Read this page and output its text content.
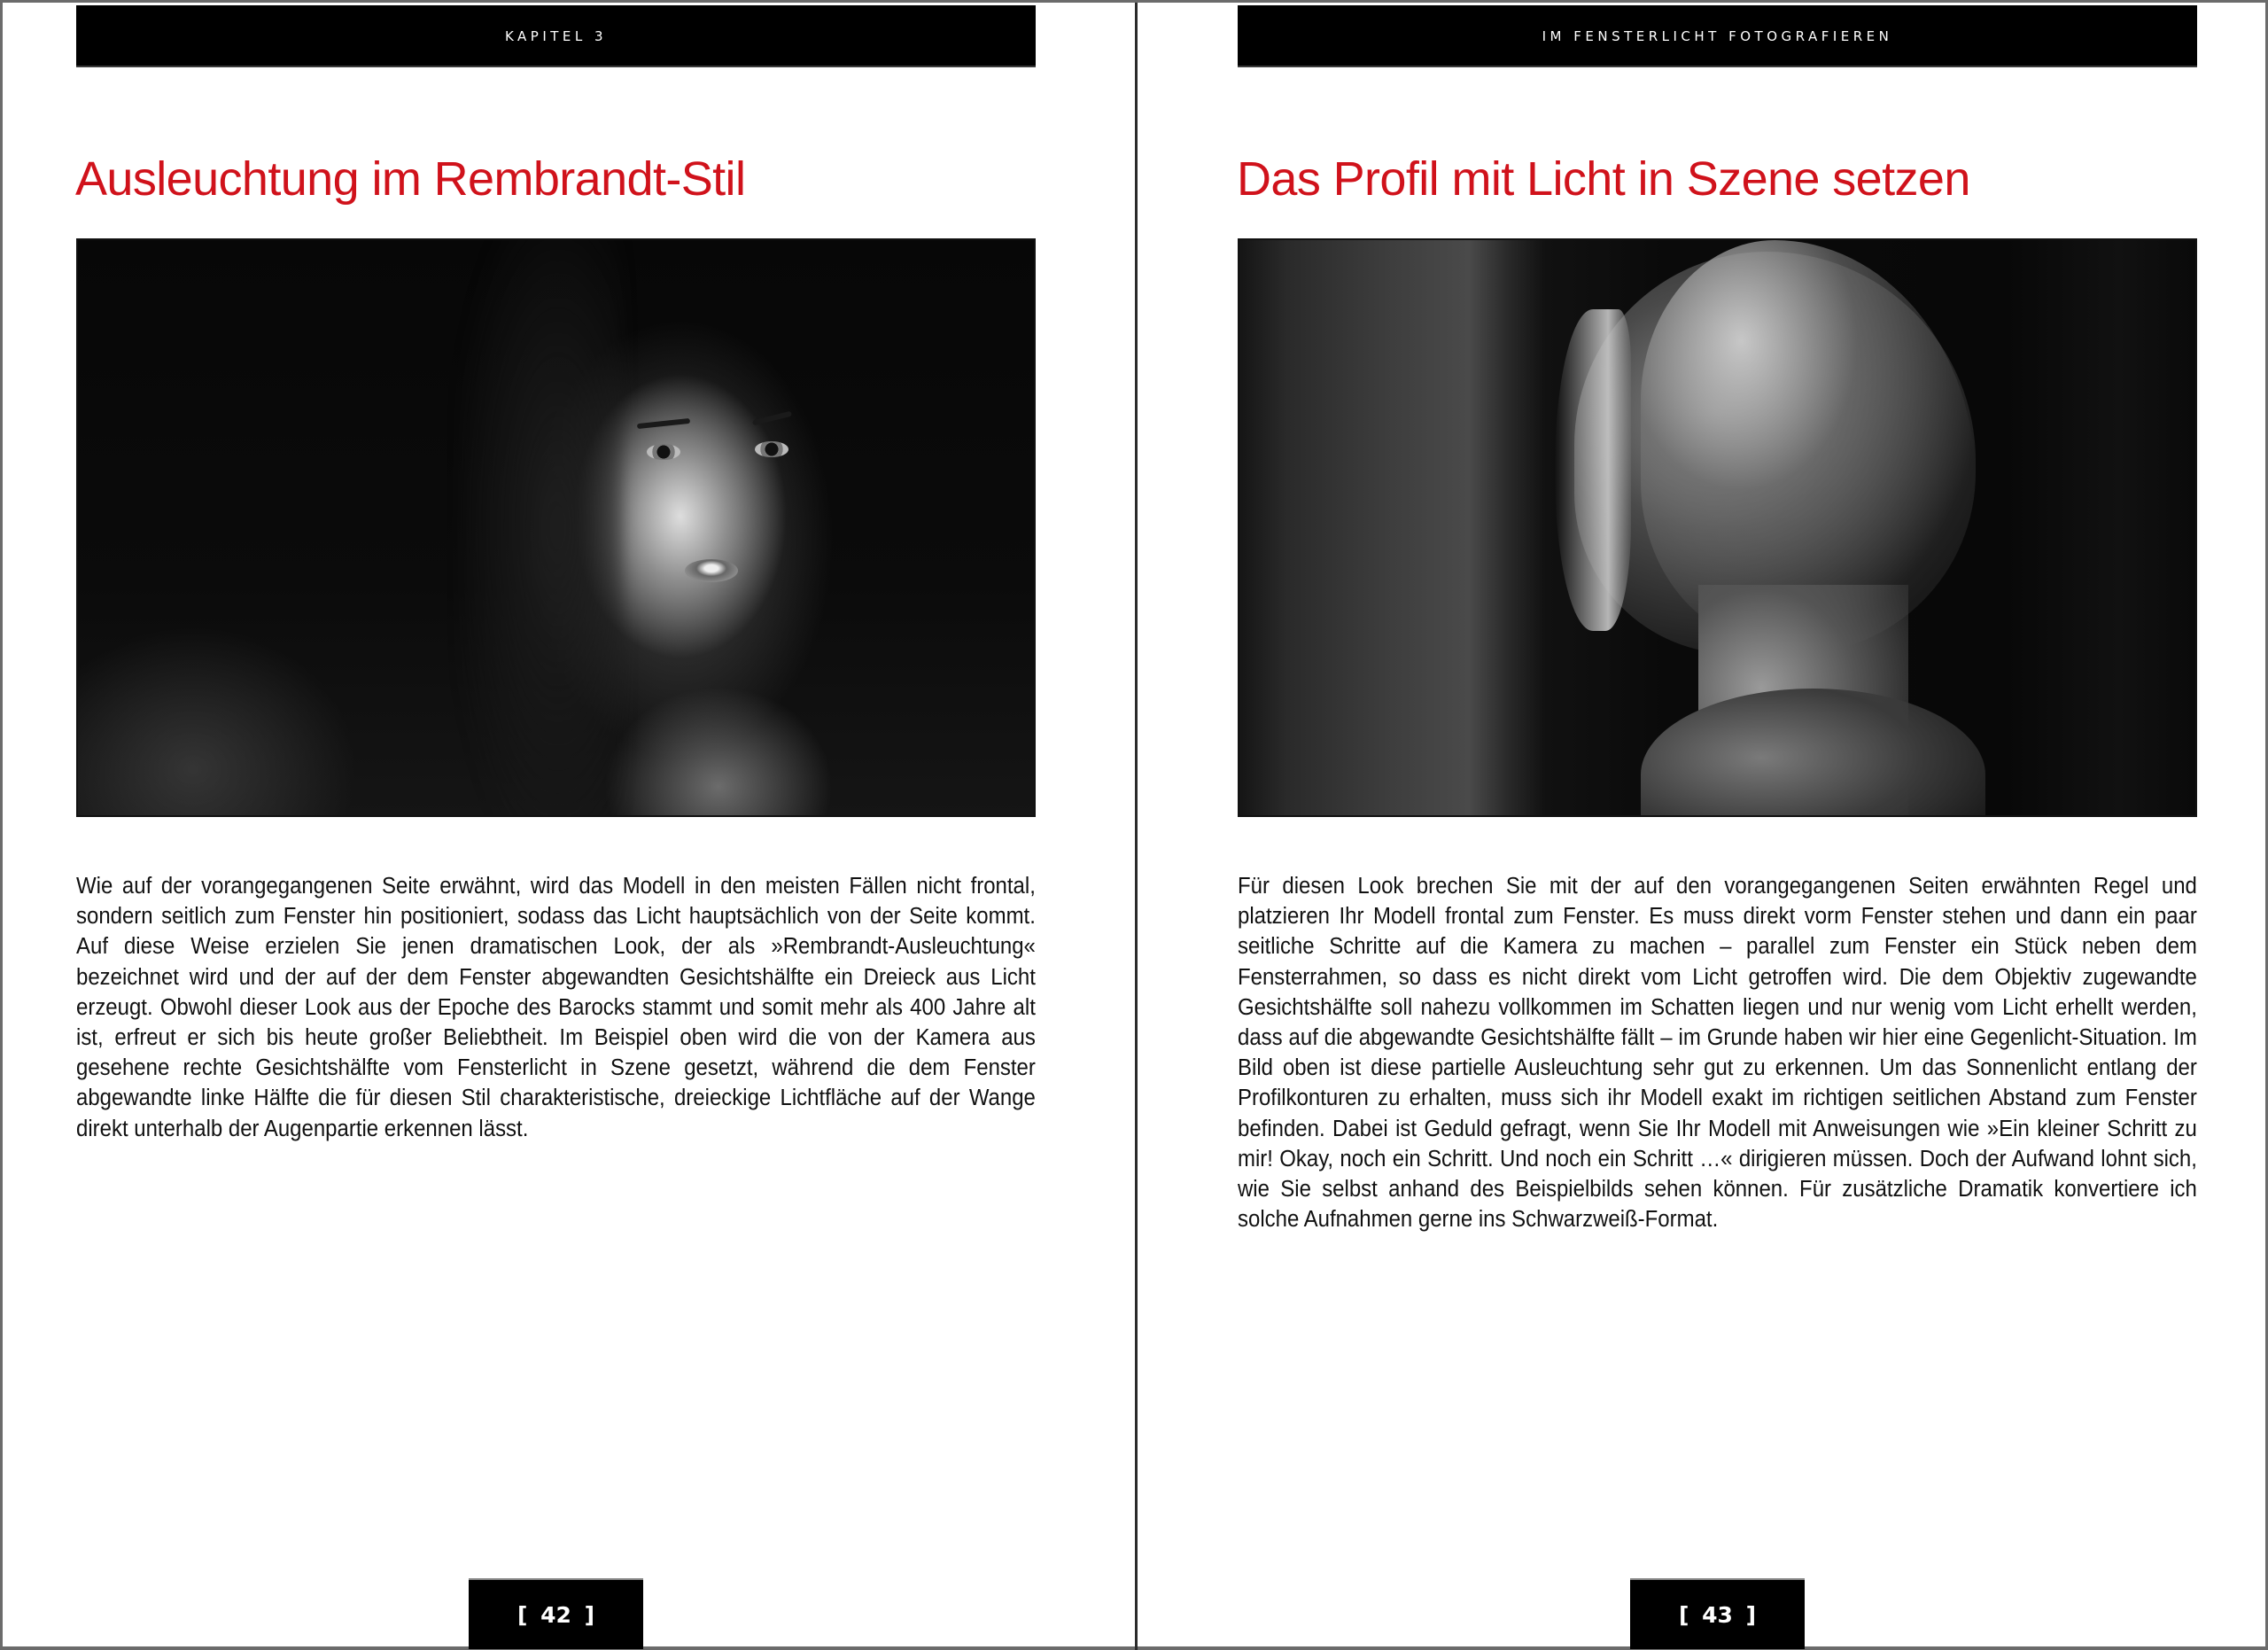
KAPITEL 3
Ausleuchtung im Rembrandt-Stil

Wie auf der vorangegangenen Seite erwähnt, wird das Modell in den meisten Fällen nicht frontal, sondern seitlich zum Fenster hin positioniert, sodass das Licht hauptsächlich von der Seite kommt. Auf diese Weise erzielen Sie jenen dramatischen Look, der als »Rembrandt-Ausleuchtung« bezeichnet wird und der auf der dem Fenster abgewandten Gesichtshälfte ein Dreieck aus Licht erzeugt. Obwohl dieser Look aus der Epoche des Barocks stammt und somit mehr als 400 Jahre alt ist, erfreut er sich bis heute großer Beliebtheit. Im Beispiel oben wird die von der Kamera aus gesehene rechte Gesichtshälfte vom Fensterlicht in Szene gesetzt, während die dem Fenster abgewandte linke Hälfte die für diesen Stil charakteristische, dreieckige Lichtfläche auf der Wange direkt unterhalb der Augenpartie erkennen lässt.

[ 42 ]
IM FENSTERLICHT FOTOGRAFIEREN
Das Profil mit Licht in Szene setzen

Für diesen Look brechen Sie mit der auf den vorangegangenen Seiten erwähnten Regel und platzieren Ihr Modell frontal zum Fenster. Es muss direkt vorm Fenster stehen und dann ein paar seitliche Schritte auf die Kamera zu machen – parallel zum Fenster ein Stück neben dem Fensterrahmen, so dass es nicht direkt vom Licht getroffen wird. Die dem Objektiv zugewandte Gesichtshälfte soll nahezu vollkommen im Schatten liegen und nur wenig vom Licht erhellt werden, dass auf die abgewandte Gesichtshälfte fällt – im Grunde haben wir hier eine Gegenlicht-Situation. Im Bild oben ist diese partielle Ausleuchtung sehr gut zu erkennen. Um das Sonnenlicht entlang der Profilkonturen zu erhalten, muss sich ihr Modell exakt im richtigen seitlichen Abstand zum Fenster befinden. Dabei ist Geduld gefragt, wenn Sie Ihr Modell mit Anweisungen wie »Ein kleiner Schritt zu mir! Okay, noch ein Schritt. Und noch ein Schritt …« dirigieren müssen. Doch der Aufwand lohnt sich, wie Sie selbst anhand des Beispielbilds sehen können. Für zusätzliche Dramatik konvertiere ich solche Aufnahmen gerne ins Schwarzweiß-Format.

[ 43 ]
